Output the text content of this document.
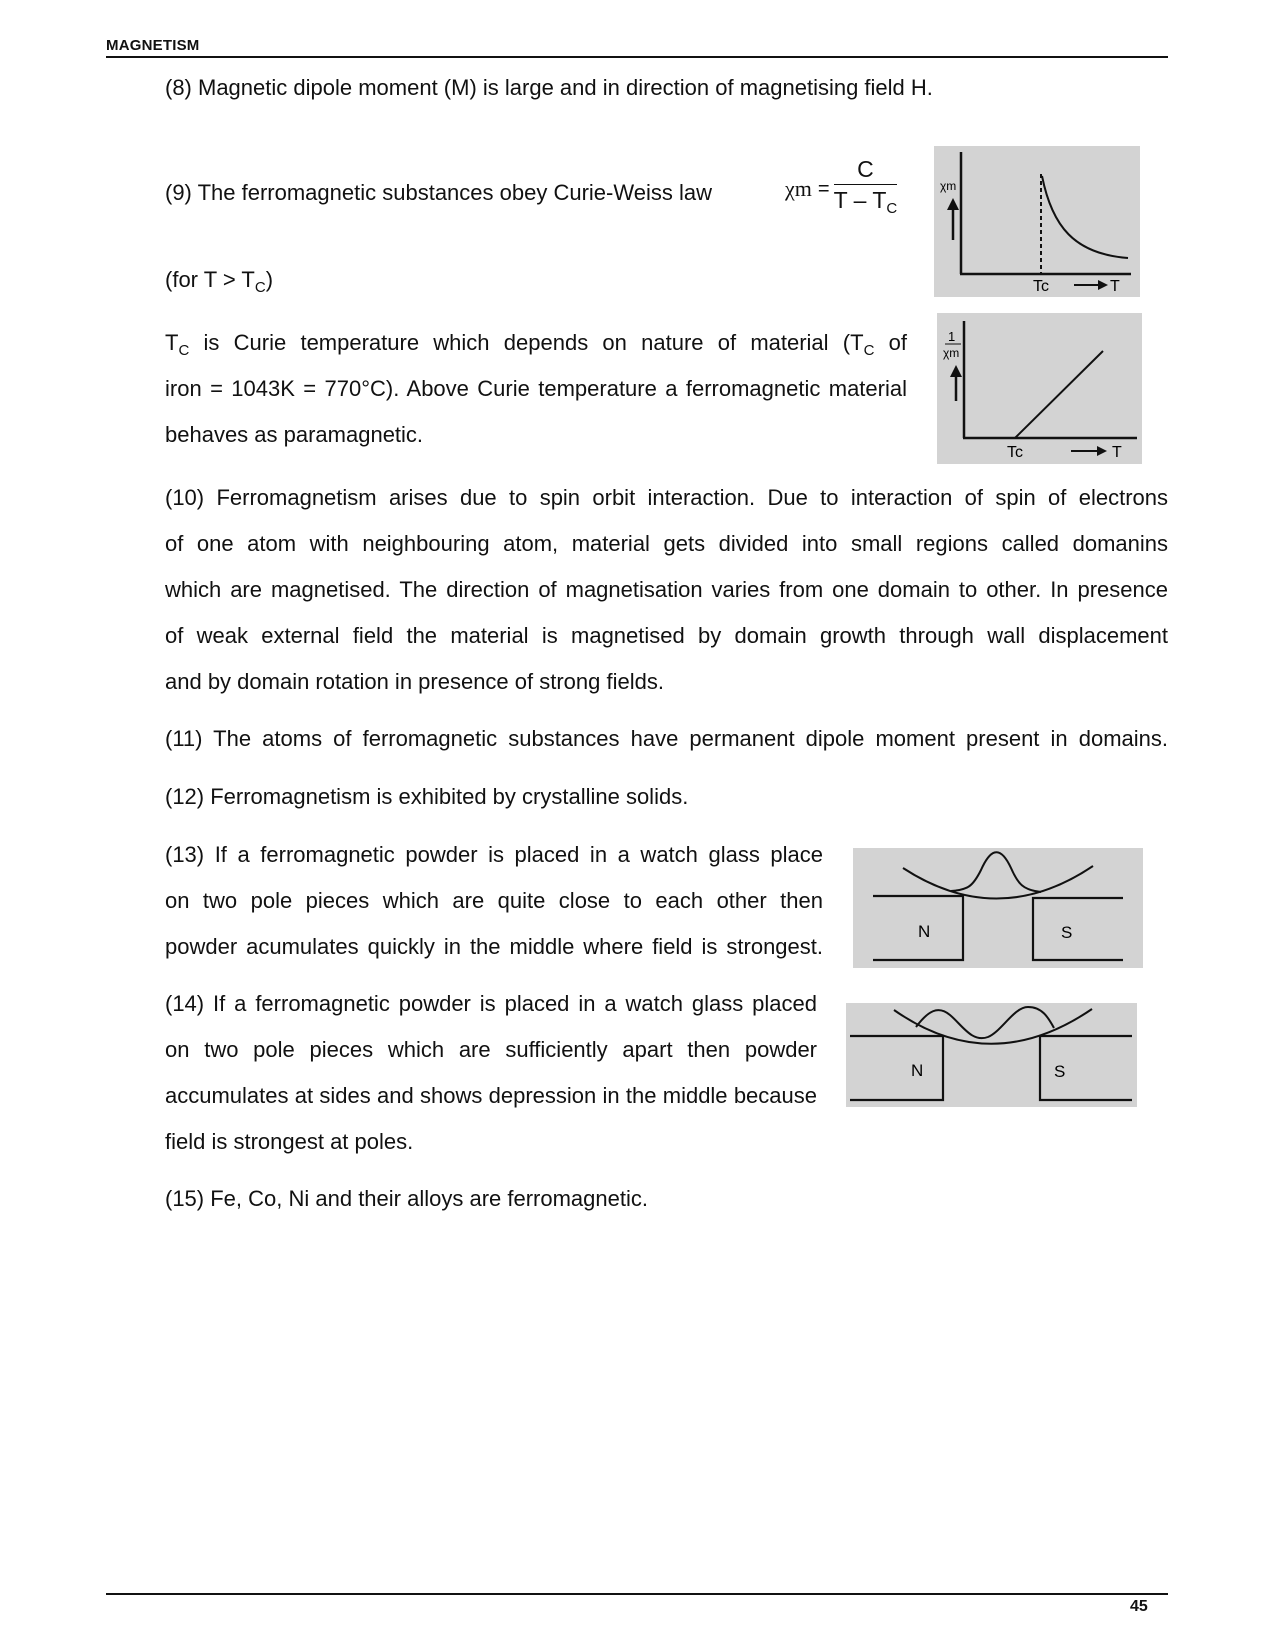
MAGNETISM
(8) Magnetic dipole moment (M) is large and in direction of magnetising field H.
(9) The ferromagnetic substances obey Curie-Weiss law	$\chi m = \frac{C}{T - T_C}$
(for $T > T_C$)
$T_C$ is Curie temperature which depends on nature of material ($T_C$ of
iron = 1043K = 770°C). Above Curie temperature a ferromagnetic material
behaves as paramagnetic.
χm
Tc	T
1
χm
Tc	T
(10) Ferromagnetism arises due to spin orbit interaction. Due to interaction of spin of electrons
of one atom with neighbouring atom, material gets divided into small regions called domanins
which are magnetised. The direction of magnetisation varies from one domain to other. In presence
of weak external field the material is magnetised by domain growth through wall displacement
and by domain rotation in presence of strong fields.
(11) The atoms of ferromagnetic substances have permanent dipole moment present in domains.
(12) Ferromagnetism is exhibited by crystalline solids.
(13) If a ferromagnetic powder is placed in a watch glass place
on two pole pieces which are quite close to each other then
powder acumulates quickly in the middle where field is strongest.
N	S
(14) If a ferromagnetic powder is placed in a watch glass placed
on two pole pieces which are sufficiently apart then powder
accumulates at sides and shows depression in the middle because
field is strongest at poles.
N	S
(15) Fe, Co, Ni and their alloys are ferromagnetic.
45
